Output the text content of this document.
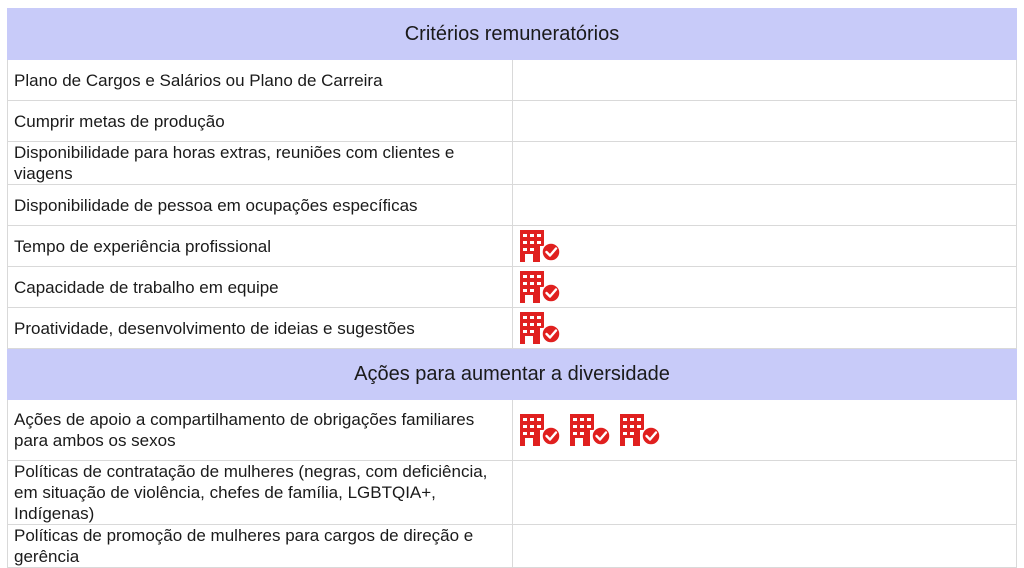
Critérios remuneratórios	
Plano de Cargos e Salários ou Plano de Carreira	

Cumprir metas de produção	

Disponibilidade para horas extras, reuniões com clientes e viagens	

Disponibilidade de pessoa em ocupações específicas	

Tempo de experiência profissional	

Capacidade de trabalho em equipe	

Proatividade, desenvolvimento de ideias e sugestões	

Ações para aumentar a diversidade	
Ações de apoio a compartilhamento de obrigações familiares para ambos os sexos	

Políticas de contratação de mulheres (negras, com deficiência, em situação de violência, chefes de família, LGBTQIA+, Indígenas)	

Políticas de promoção de mulheres para cargos de direção e gerência	
